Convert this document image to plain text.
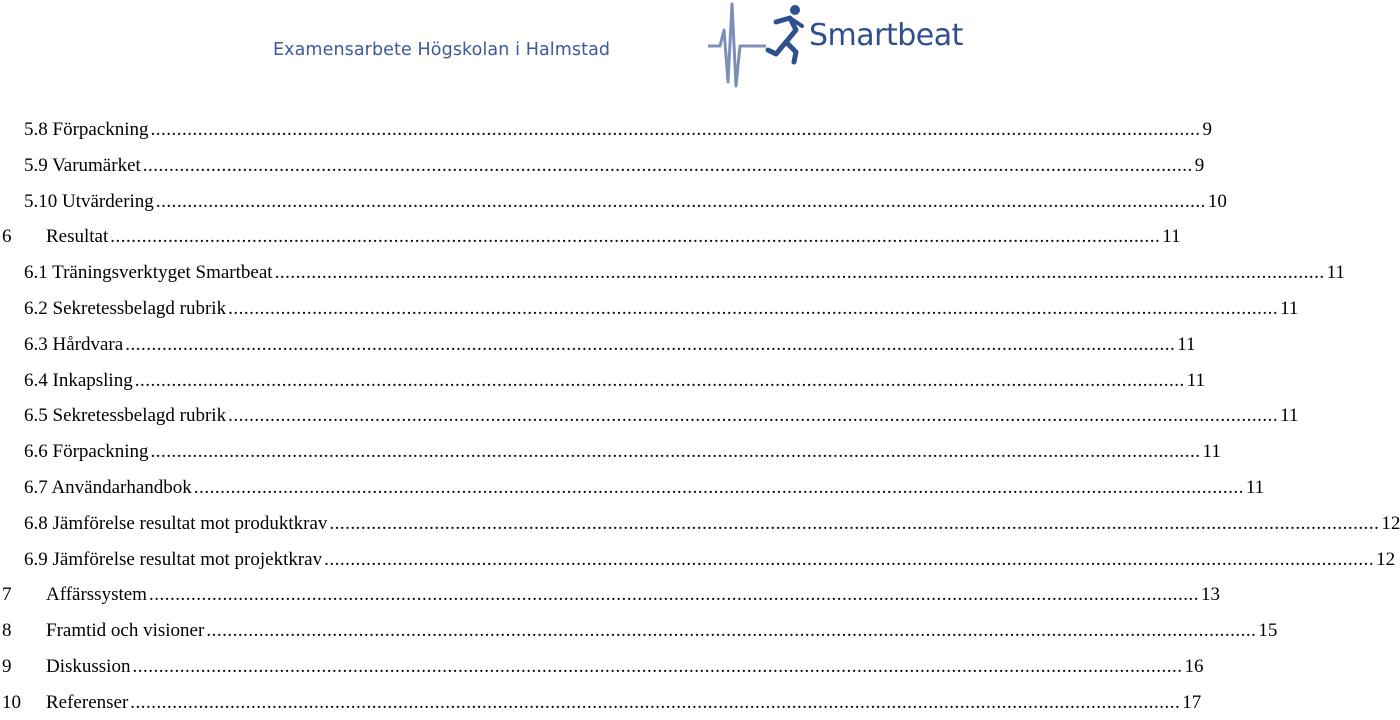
Examensarbete Högskolan i Halmstad	Smartbeat
5.8 Förpackning ........................................................................................................................................................................................................ 9
5.9 Varumärket ........................................................................................................................................................................................................ 9
5.10 Utvärdering ........................................................................................................................................................................................................ 10
6	Resultat ........................................................................................................................................................................................................ 11
6.1 Träningsverktyget Smartbeat ........................................................................................................................................................................................................ 11
6.2 Sekretessbelagd rubrik ........................................................................................................................................................................................................ 11
6.3 Hårdvara ........................................................................................................................................................................................................ 11
6.4 Inkapsling ........................................................................................................................................................................................................ 11
6.5 Sekretessbelagd rubrik ........................................................................................................................................................................................................ 11
6.6 Förpackning ........................................................................................................................................................................................................ 11
6.7 Användarhandbok ........................................................................................................................................................................................................ 11
6.8 Jämförelse resultat mot produktkrav ........................................................................................................................................................................................................ 12
6.9 Jämförelse resultat mot projektkrav ........................................................................................................................................................................................................ 12
7	Affärssystem ........................................................................................................................................................................................................ 13
8	Framtid och visioner ........................................................................................................................................................................................................ 15
9	Diskussion ........................................................................................................................................................................................................ 16
10	Referenser ........................................................................................................................................................................................................ 17
